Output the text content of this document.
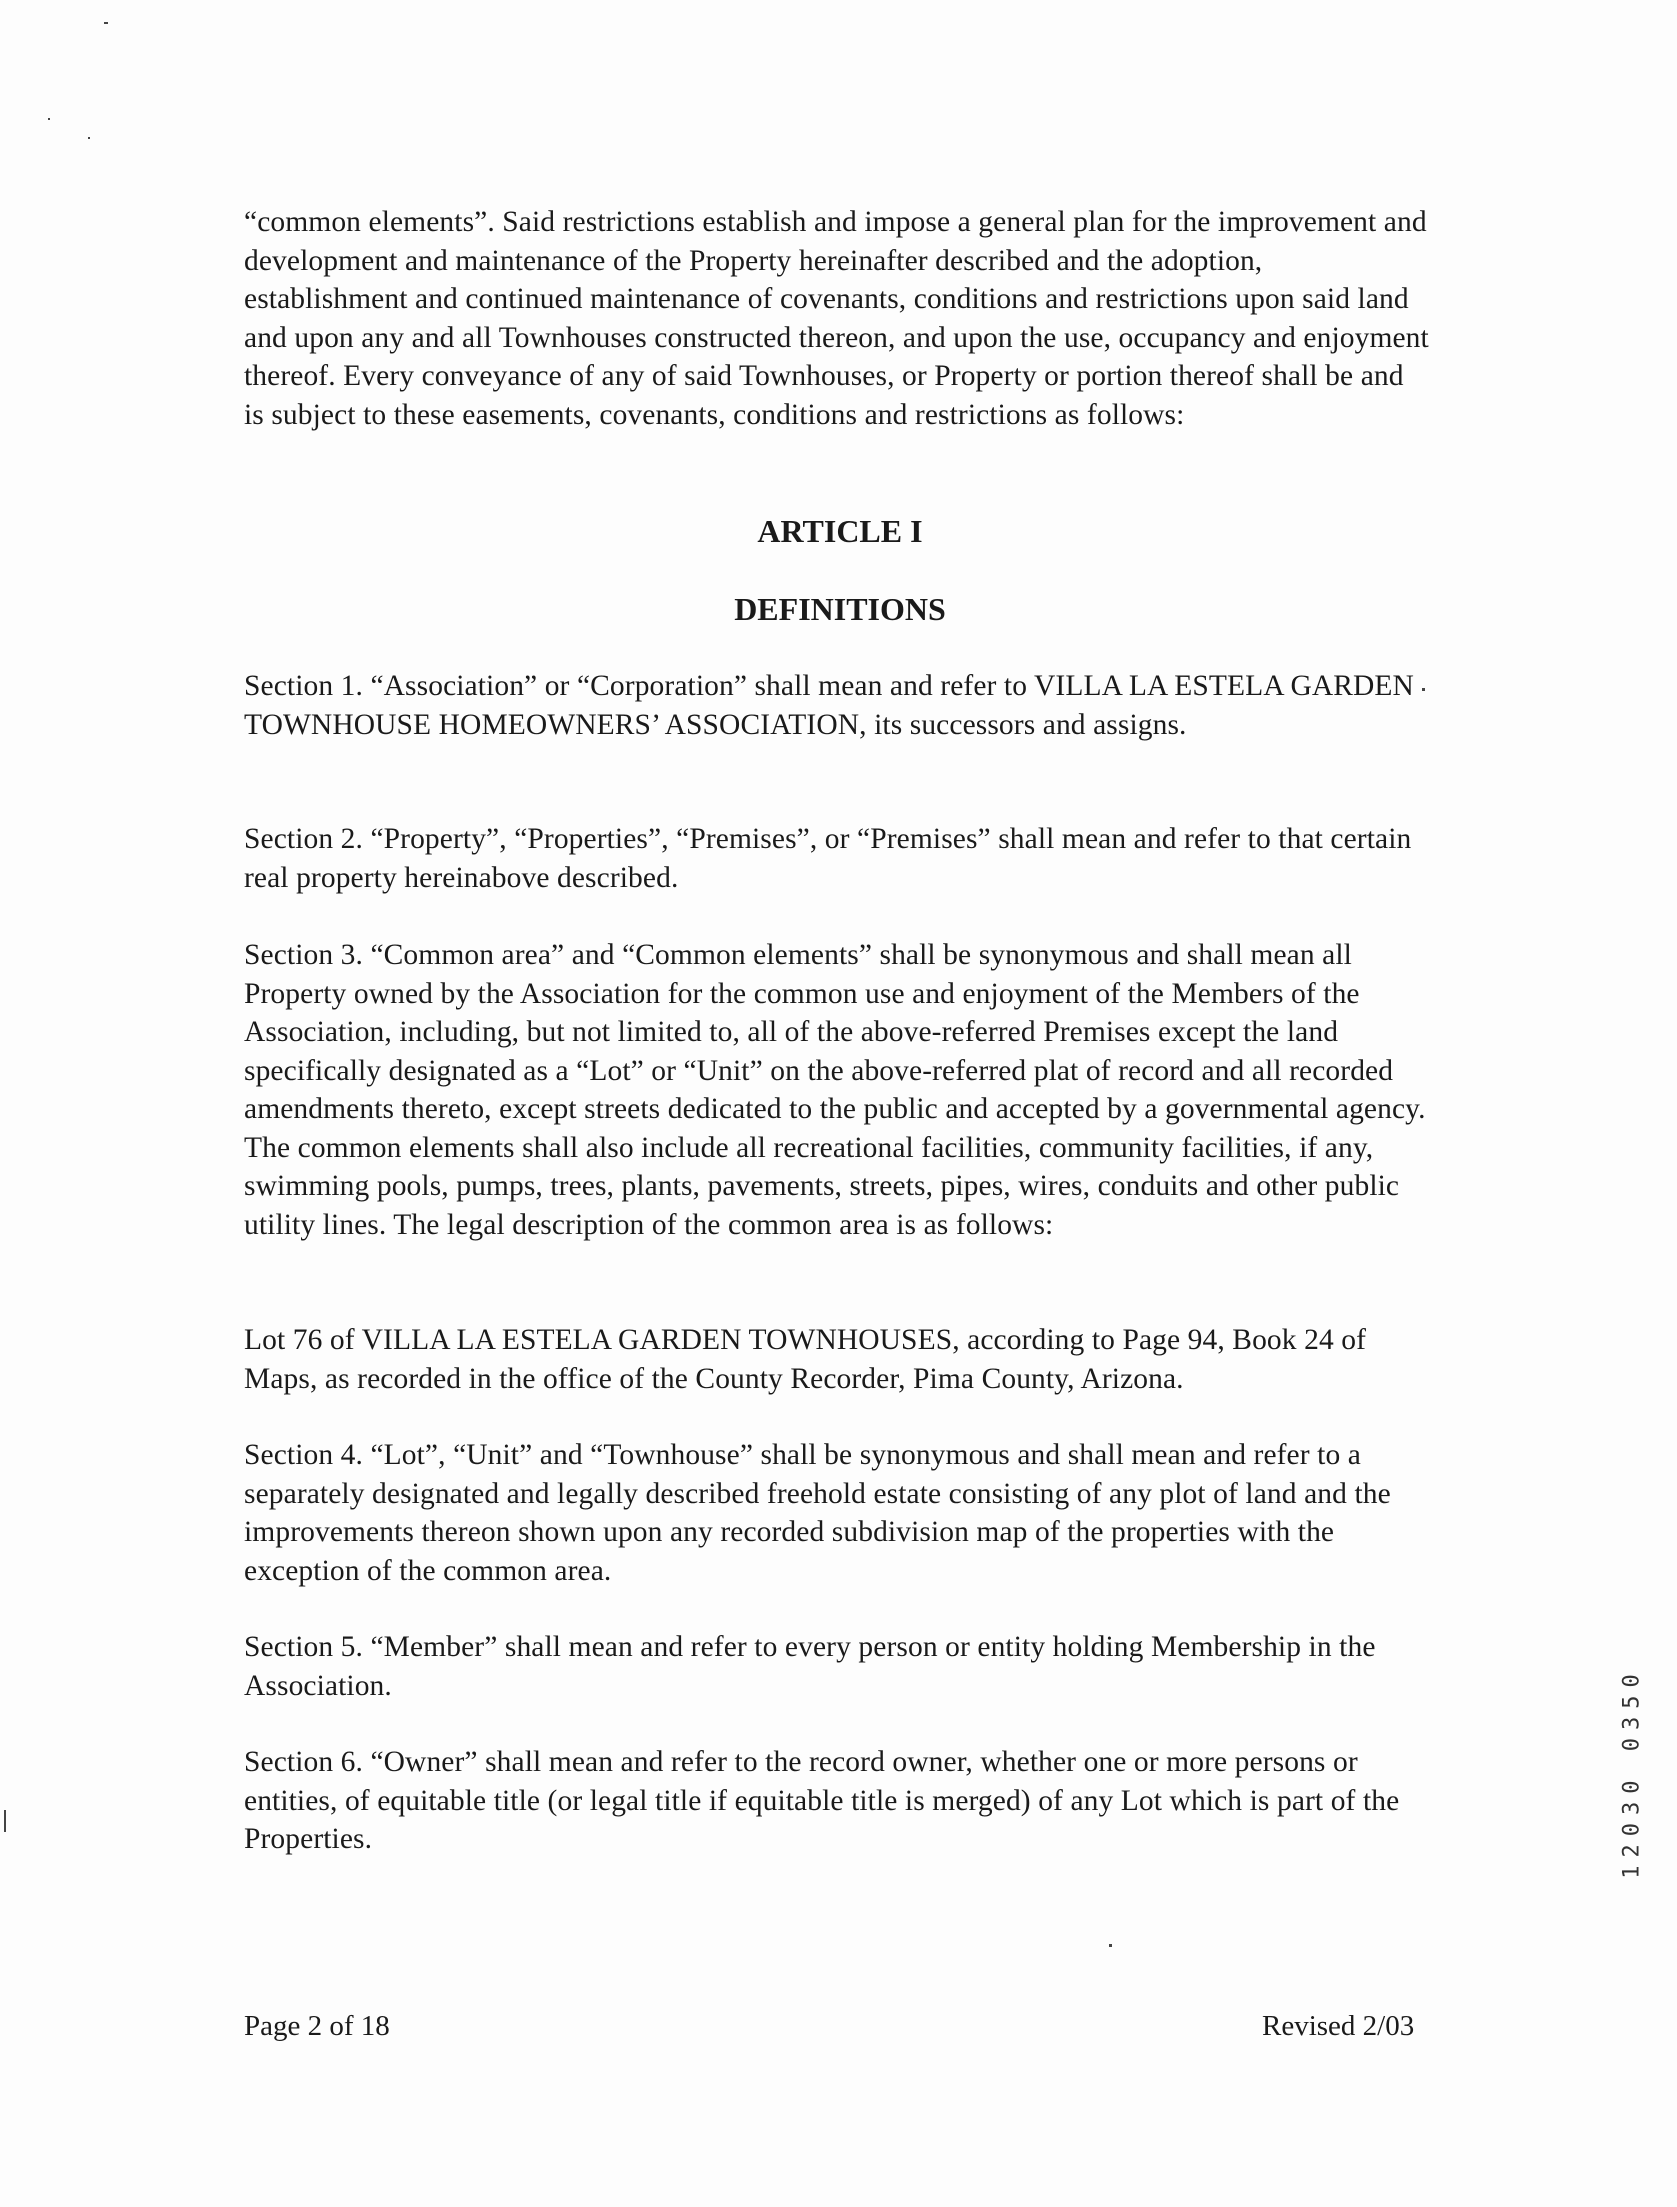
“common elements”. Said restrictions establish and impose a general plan for the improvement and development and maintenance of the Property hereinafter described and the adoption, establishment and continued maintenance of covenants, conditions and restrictions upon said land and upon any and all Townhouses constructed thereon, and upon the use, occupancy and enjoyment thereof. Every conveyance of any of said Townhouses, or Property or portion thereof shall be and is subject to these easements, covenants, conditions and restrictions as follows:

ARTICLE I
DEFINITIONS

Section 1. “Association” or “Corporation” shall mean and refer to VILLA LA ESTELA GARDEN TOWNHOUSE HOMEOWNERS’ ASSOCIATION, its successors and assigns.

Section 2. “Property”, “Properties”, “Premises”, or “Premises” shall mean and refer to that certain real property hereinabove described.

Section 3. “Common area” and “Common elements” shall be synonymous and shall mean all Property owned by the Association for the common use and enjoyment of the Members of the Association, including, but not limited to, all of the above-referred Premises except the land specifically designated as a “Lot” or “Unit” on the above-referred plat of record and all recorded amendments thereto, except streets dedicated to the public and accepted by a governmental agency. The common elements shall also include all recreational facilities, community facilities, if any, swimming pools, pumps, trees, plants, pavements, streets, pipes, wires, conduits and other public utility lines. The legal description of the common area is as follows:

Lot 76 of VILLA LA ESTELA GARDEN TOWNHOUSES, according to Page 94, Book 24 of Maps, as recorded in the office of the County Recorder, Pima County, Arizona.

Section 4. “Lot”, “Unit” and “Townhouse” shall be synonymous and shall mean and refer to a separately designated and legally described freehold estate consisting of any plot of land and the improvements thereon shown upon any recorded subdivision map of the properties with the exception of the common area.

Section 5. “Member” shall mean and refer to every person or entity holding Membership in the Association.

Section 6. “Owner” shall mean and refer to the record owner, whether one or more persons or entities, of equitable title (or legal title if equitable title is merged) of any Lot which is part of the Properties.

Page 2 of 18	Revised 2/03
12030 0350
